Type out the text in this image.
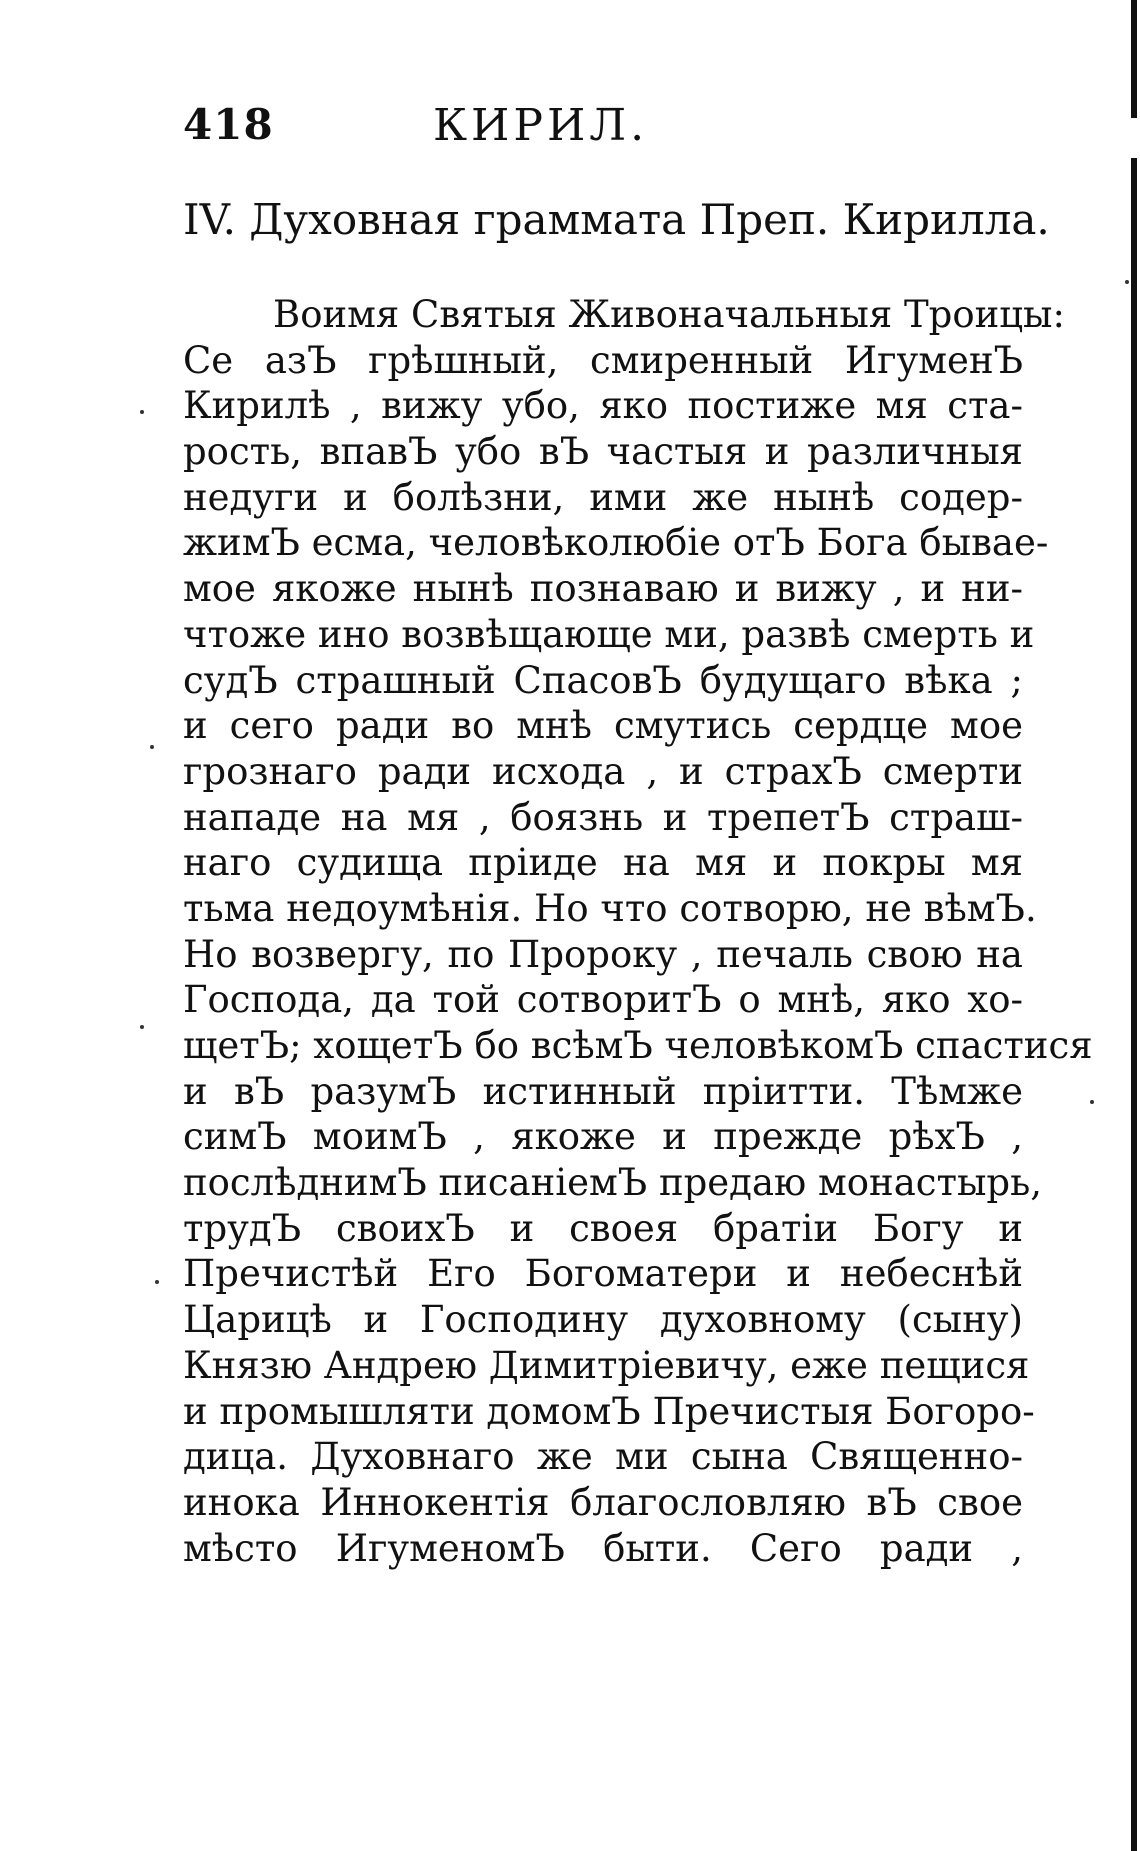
418	КИРИЛ.
IV. Духовная граммата Преп. Кирилла.
Воимя Святыя Живоначальныя Троицы:
Се азЪ грѣшный, смиренный ИгуменЪ
Кирилѣ , вижу убо, яко постиже мя ста-
рость, впавЪ убо вЪ частыя и различныя
недуги и болѣзни, ими же нынѣ содер-
жимЪ есма, человѣколюбіе отЪ Бога бывае-
мое якоже нынѣ познаваю и вижу , и ни-
чтоже ино возвѣщающе ми, развѣ смерть и
судЪ страшный СпасовЪ будущаго вѣка ;
и сего ради во мнѣ смутись сердце мое
грознаго ради исхода , и страхЪ смерти
нападе на мя , боязнь и трепетЪ страш-
наго судища пріиде на мя и покры мя
тьма недоумѣнія. Но что сотворю, не вѣмЪ.
Но возвергу, по Пророку , печаль свою на
Господа, да той сотворитЪ о мнѣ, яко хо-
щетЪ; хощетЪ бо всѣмЪ человѣкомЪ спастися
и вЪ разумЪ истинный пріитти. Тѣмже
симЪ моимЪ , якоже и прежде рѣхЪ ,
послѣднимЪ писаніемЪ предаю монастырь,
трудЪ своихЪ и своея братіи Богу и
Пречистѣй Его Богоматери и небеснѣй
Царицѣ и Господину духовному (сыну)
Князю Андрею Димитріевичу, еже пещися
и промышляти домомЪ Пречистыя Богоро-
дица. Духовнаго же ми сына Священно-
инока Иннокентія благословляю вЪ свое
мѣсто ИгуменомЪ быти. Сего ради ,
